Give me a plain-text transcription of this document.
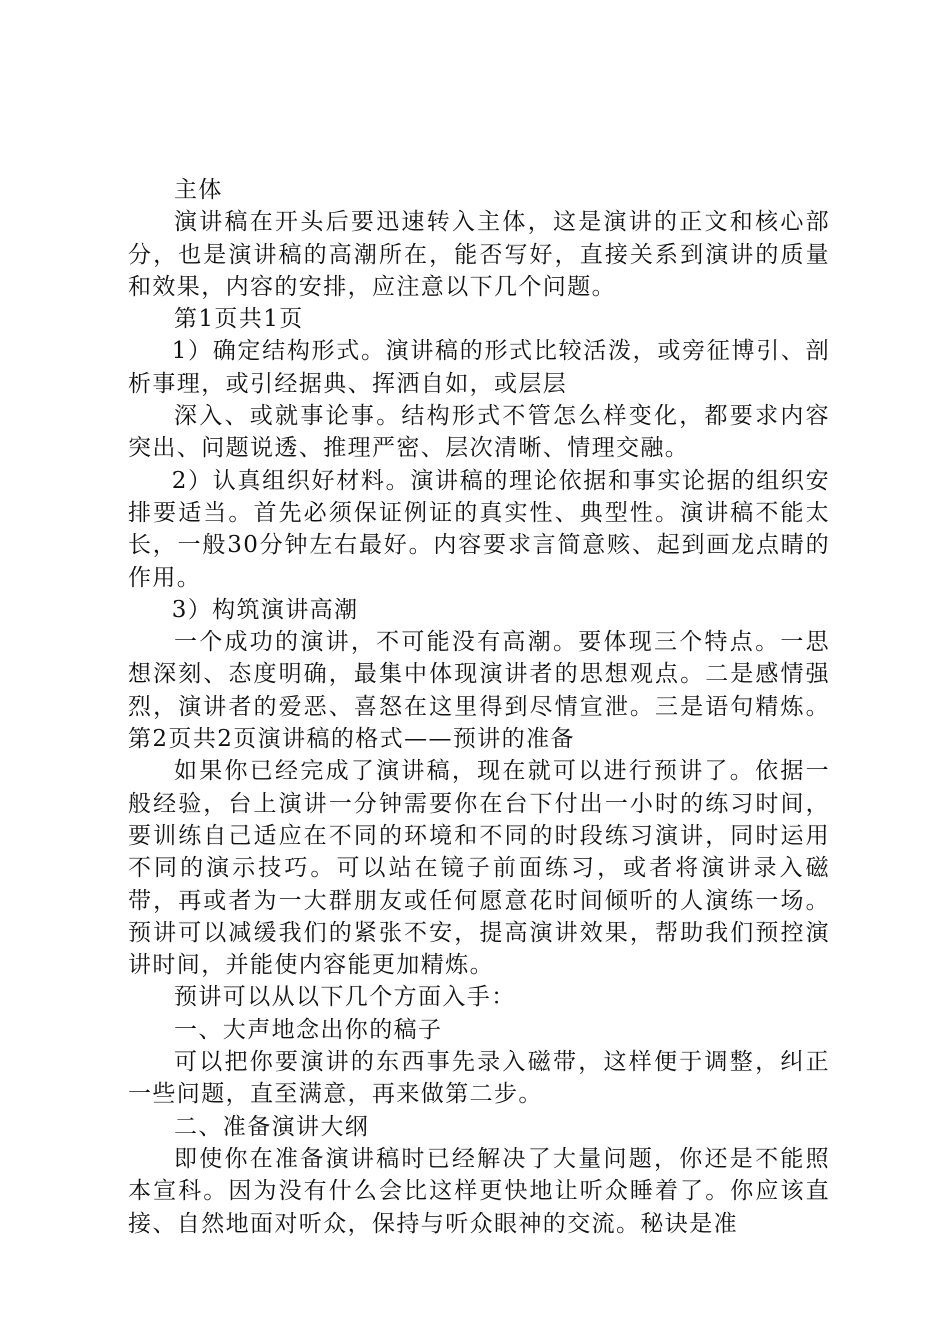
主体

演讲稿在开头后要迅速转入主体，这是演讲的正文和核心部分，也是演讲稿的高潮所在，能否写好，直接关系到演讲的质量和效果，内容的安排，应注意以下几个问题。

第1页共1页

1）确定结构形式。演讲稿的形式比较活泼，或旁征博引、剖析事理，或引经据典、挥洒自如，或层层

深入、或就事论事。结构形式不管怎么样变化，都要求内容突出、问题说透、推理严密、层次清晰、情理交融。

2）认真组织好材料。演讲稿的理论依据和事实论据的组织安排要适当。首先必须保证例证的真实性、典型性。演讲稿不能太长，一般30分钟左右最好。内容要求言简意赅、起到画龙点睛的作用。

3）构筑演讲高潮

一个成功的演讲，不可能没有高潮。要体现三个特点。一思想深刻、态度明确，最集中体现演讲者的思想观点。二是感情强烈，演讲者的爱恶、喜怒在这里得到尽情宣泄。三是语句精炼。第2页共2页演讲稿的格式——预讲的准备

如果你已经完成了演讲稿，现在就可以进行预讲了。依据一般经验，台上演讲一分钟需要你在台下付出一小时的练习时间，要训练自己适应在不同的环境和不同的时段练习演讲，同时运用不同的演示技巧。可以站在镜子前面练习，或者将演讲录入磁带，再或者为一大群朋友或任何愿意花时间倾听的人演练一场。预讲可以减缓我们的紧张不安，提高演讲效果，帮助我们预控演讲时间，并能使内容能更加精炼。

预讲可以从以下几个方面入手：

一、大声地念出你的稿子

可以把你要演讲的东西事先录入磁带，这样便于调整，纠正一些问题，直至满意，再来做第二步。

二、准备演讲大纲

即使你在准备演讲稿时已经解决了大量问题，你还是不能照本宣科。因为没有什么会比这样更快地让听众睡着了。你应该直接、自然地面对听众，保持与听众眼神的交流。秘诀是准
